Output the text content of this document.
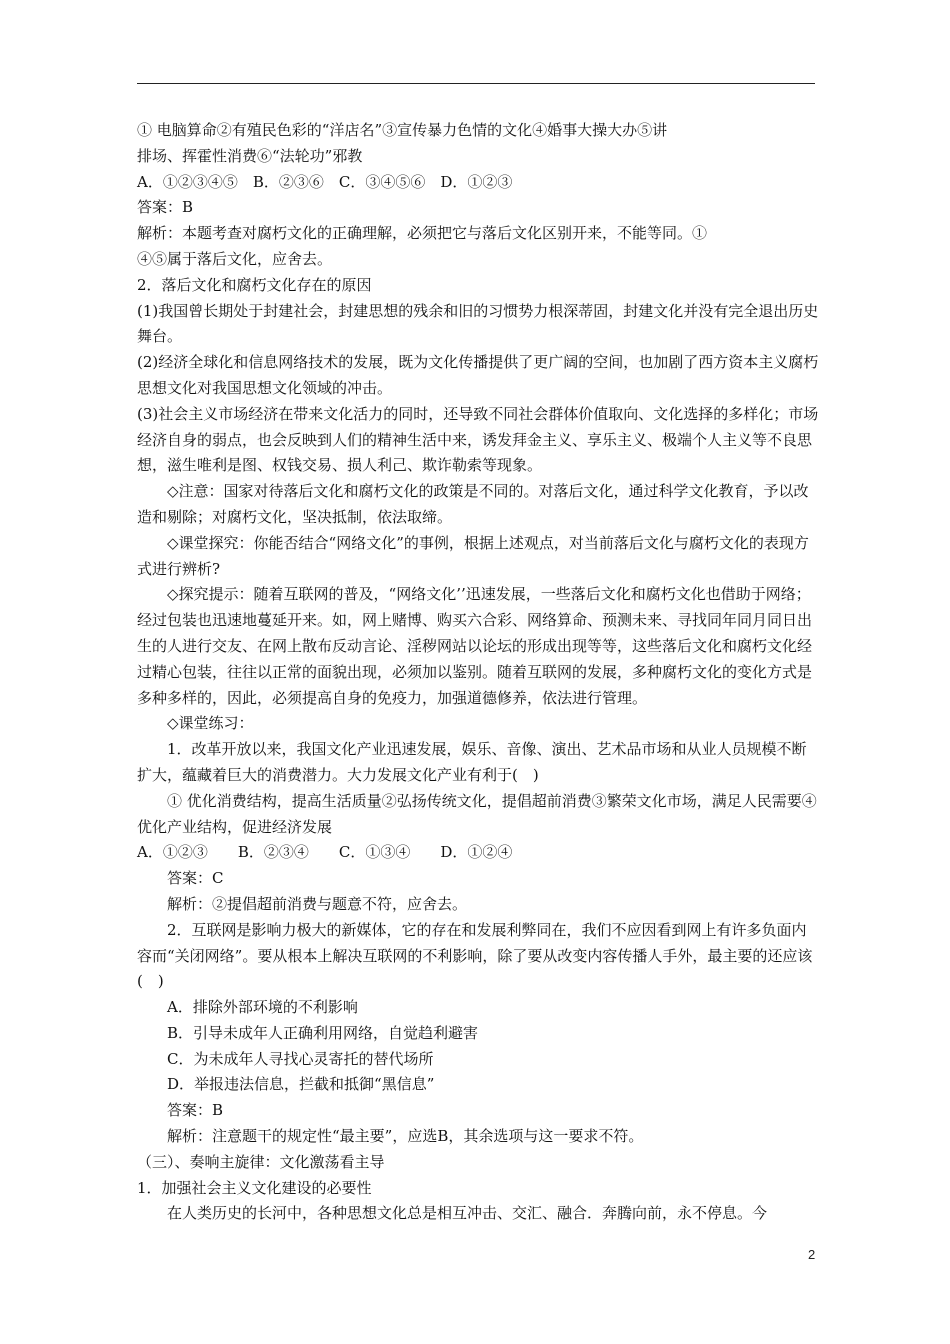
① 电脑算命②有殖民色彩的“洋店名”③宣传暴力色情的文化④婚事大操大办⑤讲

排场、挥霍性消费⑥“法轮功”邪教

A．①②③④⑤　B．②③⑥　C．③④⑤⑥　D．①②③

答案：B

解析：本题考查对腐朽文化的正确理解，必须把它与落后文化区别开来，不能等同。①

④⑤属于落后文化，应舍去。

2．落后文化和腐朽文化存在的原因

(1)我国曾长期处于封建社会，封建思想的残余和旧的习惯势力根深蒂固，封建文化并没有完全退出历史舞台。

(2)经济全球化和信息网络技术的发展，既为文化传播提供了更广阔的空间，也加剧了西方资本主义腐朽思想文化对我国思想文化领域的冲击。

(3)社会主义市场经济在带来文化活力的同时，还导致不同社会群体价值取向、文化选择的多样化；市场经济自身的弱点，也会反映到人们的精神生活中来，诱发拜金主义、享乐主义、极端个人主义等不良思想，滋生唯利是图、权钱交易、损人利己、欺诈勒索等现象。

◇注意：国家对待落后文化和腐朽文化的政策是不同的。对落后文化，通过科学文化教育，予以改造和剔除；对腐朽文化，坚决抵制，依法取缔。

◇课堂探究：你能否结合“网络文化”的事例，根据上述观点，对当前落后文化与腐朽文化的表现方式进行辨析?

◇探究提示：随着互联网的普及，“网络文化’’迅速发展，一些落后文化和腐朽文化也借助于网络；经过包装也迅速地蔓延开来。如，网上赌博、购买六合彩、网络算命、预测未来、寻找同年同月同日出生的人进行交友、在网上散布反动言论、淫秽网站以论坛的形成出现等等，这些落后文化和腐朽文化经过精心包装，往往以正常的面貌出现，必须加以鉴别。随着互联网的发展，多种腐朽文化的变化方式是多种多样的，因此，必须提高自身的免疫力，加强道德修养，依法进行管理。

◇课堂练习：

1．改革开放以来，我国文化产业迅速发展，娱乐、音像、演出、艺术品市场和从业人员规模不断扩大，蕴藏着巨大的消费潜力。大力发展文化产业有利于(　)

① 优化消费结构，提高生活质量②弘扬传统文化，提倡超前消费③繁荣文化市场，满足人民需要④优化产业结构，促进经济发展

A．①②③　　B．②③④　　C．①③④　　D．①②④

答案：C

解析：②提倡超前消费与题意不符，应舍去。

2．互联网是影响力极大的新媒体，它的存在和发展利弊同在，我们不应因看到网上有许多负面内容而“关闭网络”。要从根本上解决互联网的不利影响，除了要从改变内容传播人手外，最主要的还应该(　)

A．排除外部环境的不利影响

B．引导未成年人正确利用网络，自觉趋利避害

C．为未成年人寻找心灵寄托的替代场所

D．举报违法信息，拦截和抵御“黑信息”

答案：B

解析：注意题干的规定性“最主要”，应选B，其余选项与这一要求不符。

（三）、奏响主旋律：文化激荡看主导

1．加强社会主义文化建设的必要性

在人类历史的长河中，各种思想文化总是相互冲击、交汇、融合．奔腾向前，永不停息。今

2
